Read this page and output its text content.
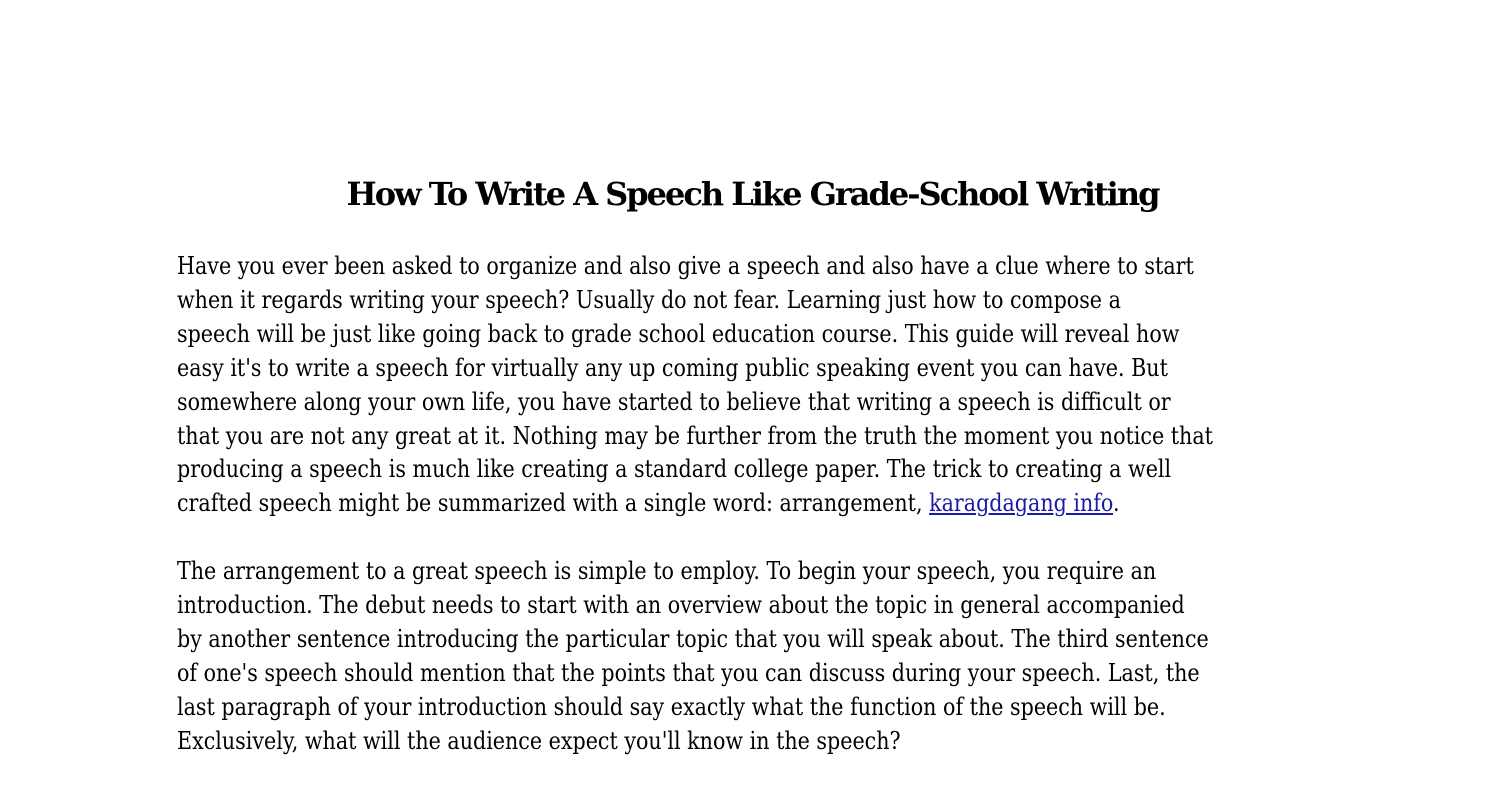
How To Write A Speech Like Grade-School Writing
Have you ever been asked to organize and also give a speech and also have a clue where to start
when it regards writing your speech? Usually do not fear. Learning just how to compose a
speech will be just like going back to grade school education course. This guide will reveal how
easy it's to write a speech for virtually any up coming public speaking event you can have. But
somewhere along your own life, you have started to believe that writing a speech is difficult or
that you are not any great at it. Nothing may be further from the truth the moment you notice that
producing a speech is much like creating a standard college paper. The trick to creating a well
crafted speech might be summarized with a single word: arrangement, karagdagang info.
The arrangement to a great speech is simple to employ. To begin your speech, you require an
introduction. The debut needs to start with an overview about the topic in general accompanied
by another sentence introducing the particular topic that you will speak about. The third sentence
of one's speech should mention that the points that you can discuss during your speech. Last, the
last paragraph of your introduction should say exactly what the function of the speech will be.
Exclusively, what will the audience expect you'll know in the speech?
